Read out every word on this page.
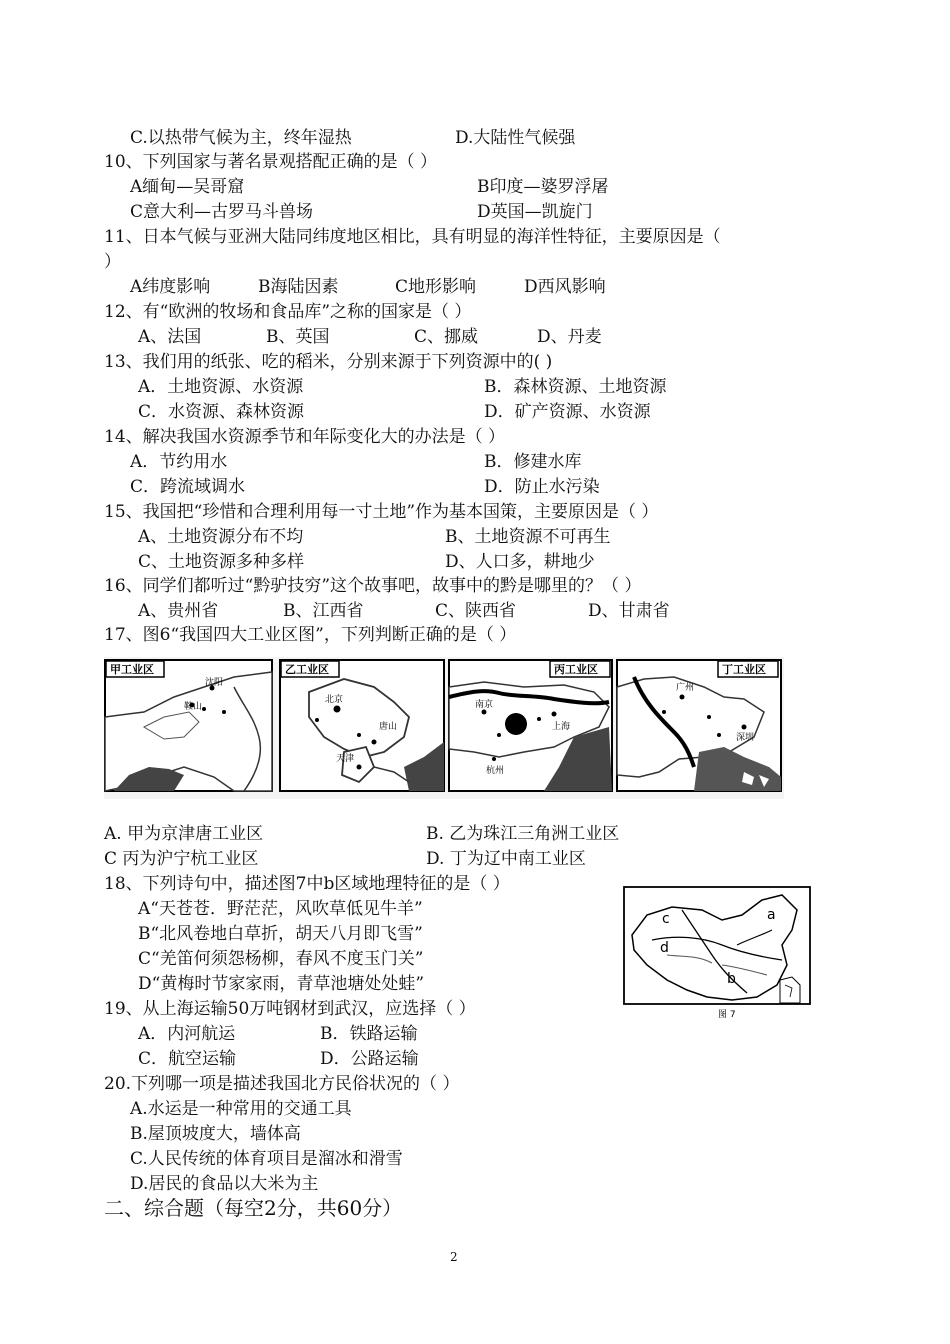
C.以热带气候为主，终年湿热	D.大陆性气候强
10、下列国家与著名景观搭配正确的是（ ）
A缅甸—吴哥窟	B印度—婆罗浮屠
C意大利—古罗马斗兽场	D英国—凯旋门
11、日本气候与亚洲大陆同纬度地区相比，具有明显的海洋性特征，主要原因是（
）
A纬度影响	B海陆因素	C地形影响	D西风影响
12、有“欧洲的牧场和食品库”之称的国家是（ ）
A、法国	B、英国	C、挪威	D、丹麦
13、我们用的纸张、吃的稻米，分别来源于下列资源中的( )
A．土地资源、水资源	B．森林资源、土地资源
C．水资源、森林资源	D．矿产资源、水资源
14、解决我国水资源季节和年际变化大的办法是（ ）
A．节约用水	B．修建水库
C．跨流域调水	D．防止水污染
15、我国把“珍惜和合理利用每一寸土地”作为基本国策，主要原因是（ ）
A、土地资源分布不均	B、土地资源不可再生
C、土地资源多种多样	D、人口多，耕地少
16、同学们都听过“黔驴技穷”这个故事吧，故事中的黔是哪里的？（ ）
A、贵州省	B、江西省	C、陕西省	D、甘肃省
17、图6“我国四大工业区图”，下列判断正确的是（ ）
甲工业区
沈阳
鞍山
乙工业区
北京
唐山
天津
丙工业区
南京
上海
杭州
丁工业区
广州
深圳
A. 甲为京津唐工业区	B. 乙为珠江三角洲工业区
C 丙为沪宁杭工业区	D. 丁为辽中南工业区
18、下列诗句中，描述图7中b区域地理特征的是（ ）
A“天苍苍．野茫茫，风吹草低见牛羊”
B“北风卷地白草折，胡天八月即飞雪”
C“羌笛何须怨杨柳，春风不度玉门关”
D“黄梅时节家家雨，青草池塘处处蛙”
c	a
d
b
图 7
19、从上海运输50万吨钢材到武汉，应选择（ ）
A．内河航运	B．铁路运输
C．航空运输	D．公路运输
20.下列哪一项是描述我国北方民俗状况的（ ）
A.水运是一种常用的交通工具
B.屋顶坡度大，墙体高
C.人民传统的体育项目是溜冰和滑雪
D.居民的食品以大米为主
二、综合题（每空2分，共60分）
2
